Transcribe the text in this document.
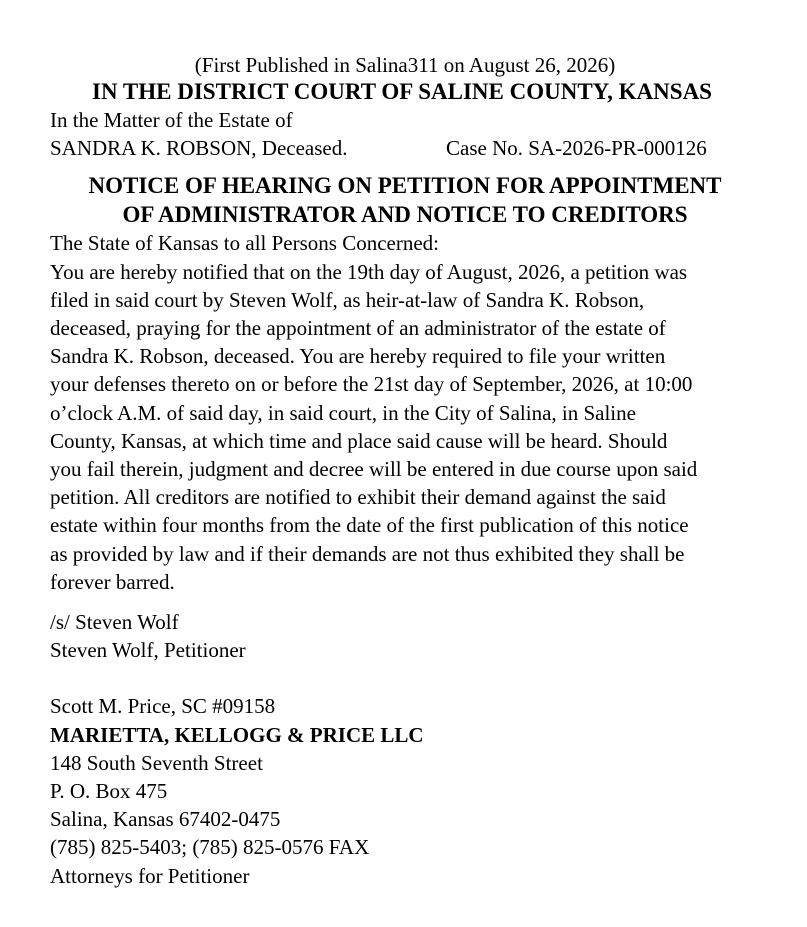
(First Published in Salina311 on August 26, 2026)
IN THE DISTRICT COURT OF SALINE COUNTY, KANSAS
In the Matter of the Estate of
SANDRA K. ROBSON, Deceased.	Case No. SA-2026-PR-000126
NOTICE OF HEARING ON PETITION FOR APPOINTMENT
OF ADMINISTRATOR AND NOTICE TO CREDITORS
The State of Kansas to all Persons Concerned:
You are hereby notified that on the 19th day of August, 2026, a petition was
filed in said court by Steven Wolf, as heir-at-law of Sandra K. Robson,
deceased, praying for the appointment of an administrator of the estate of
Sandra K. Robson, deceased. You are hereby required to file your written
your defenses thereto on or before the 21st day of September, 2026, at 10:00
o’clock A.M. of said day, in said court, in the City of Salina, in Saline
County, Kansas, at which time and place said cause will be heard. Should
you fail therein, judgment and decree will be entered in due course upon said
petition. All creditors are notified to exhibit their demand against the said
estate within four months from the date of the first publication of this notice
as provided by law and if their demands are not thus exhibited they shall be
forever barred.
/s/ Steven Wolf
Steven Wolf, Petitioner
Scott M. Price, SC #09158
MARIETTA, KELLOGG & PRICE LLC
148 South Seventh Street
P. O. Box 475
Salina, Kansas 67402-0475
(785) 825-5403; (785) 825-0576 FAX
Attorneys for Petitioner
